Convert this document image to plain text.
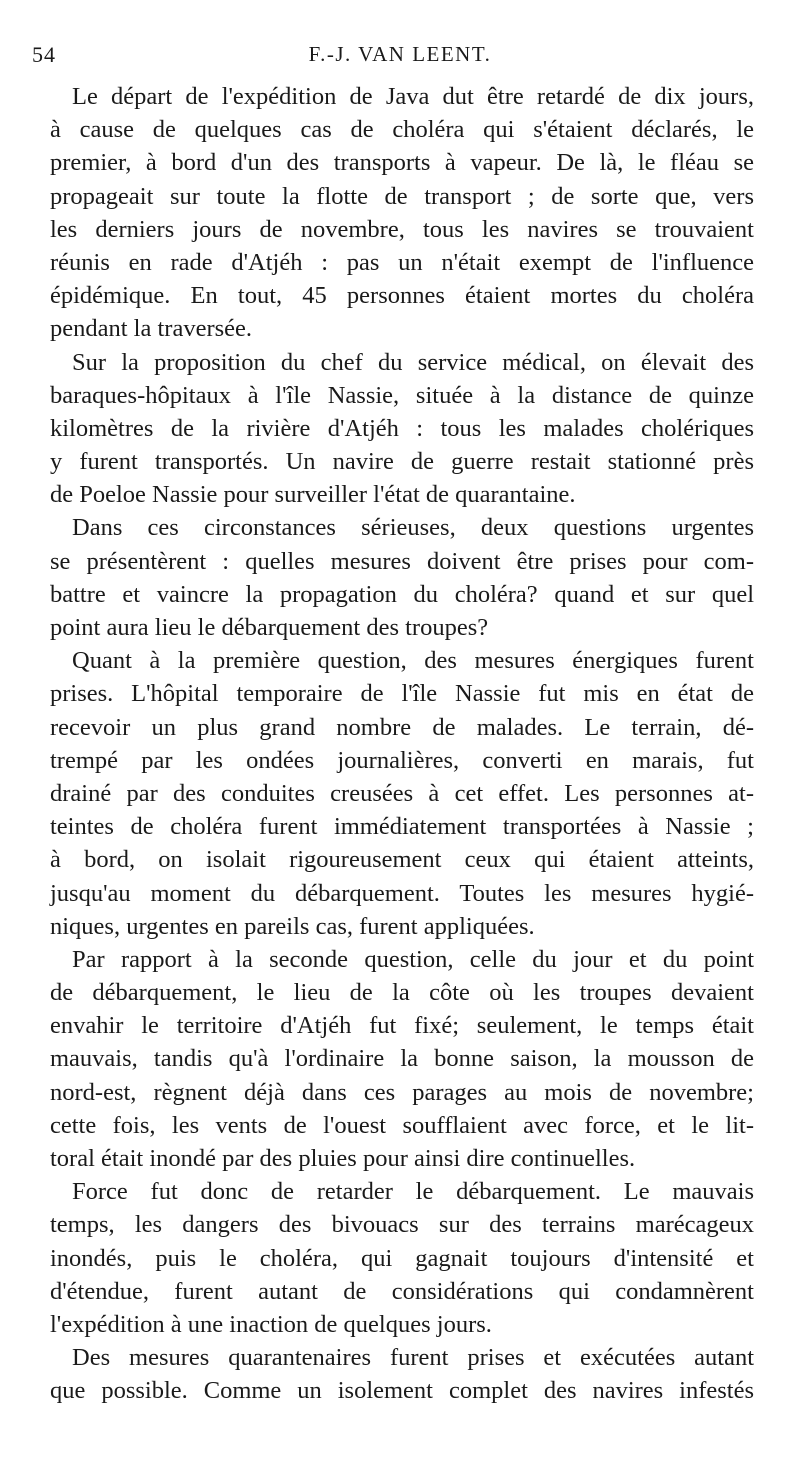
54	F.-J. VAN LEENT.
Le départ de l'expédition de Java dut être retardé de dix jours,
à cause de quelques cas de choléra qui s'étaient déclarés, le
premier, à bord d'un des transports à vapeur. De là, le fléau se
propageait sur toute la flotte de transport ; de sorte que, vers
les derniers jours de novembre, tous les navires se trouvaient
réunis en rade d'Atjéh : pas un n'était exempt de l'influence
épidémique. En tout, 45 personnes étaient mortes du choléra
pendant la traversée.
Sur la proposition du chef du service médical, on élevait des
baraques-hôpitaux à l'île Nassie, située à la distance de quinze
kilomètres de la rivière d'Atjéh : tous les malades cholériques
y furent transportés. Un navire de guerre restait stationné près
de Poeloe Nassie pour surveiller l'état de quarantaine.
Dans ces circonstances sérieuses, deux questions urgentes
se présentèrent : quelles mesures doivent être prises pour com-
battre et vaincre la propagation du choléra? quand et sur quel
point aura lieu le débarquement des troupes?
Quant à la première question, des mesures énergiques furent
prises. L'hôpital temporaire de l'île Nassie fut mis en état de
recevoir un plus grand nombre de malades. Le terrain, dé-
trempé par les ondées journalières, converti en marais, fut
drainé par des conduites creusées à cet effet. Les personnes at-
teintes de choléra furent immédiatement transportées à Nassie ;
à bord, on isolait rigoureusement ceux qui étaient atteints,
jusqu'au moment du débarquement. Toutes les mesures hygié-
niques, urgentes en pareils cas, furent appliquées.
Par rapport à la seconde question, celle du jour et du point
de débarquement, le lieu de la côte où les troupes devaient
envahir le territoire d'Atjéh fut fixé; seulement, le temps était
mauvais, tandis qu'à l'ordinaire la bonne saison, la mousson de
nord-est, règnent déjà dans ces parages au mois de novembre;
cette fois, les vents de l'ouest soufflaient avec force, et le lit-
toral était inondé par des pluies pour ainsi dire continuelles.
Force fut donc de retarder le débarquement. Le mauvais
temps, les dangers des bivouacs sur des terrains marécageux
inondés, puis le choléra, qui gagnait toujours d'intensité et
d'étendue, furent autant de considérations qui condamnèrent
l'expédition à une inaction de quelques jours.
Des mesures quarantenaires furent prises et exécutées autant
que possible. Comme un isolement complet des navires infestés
